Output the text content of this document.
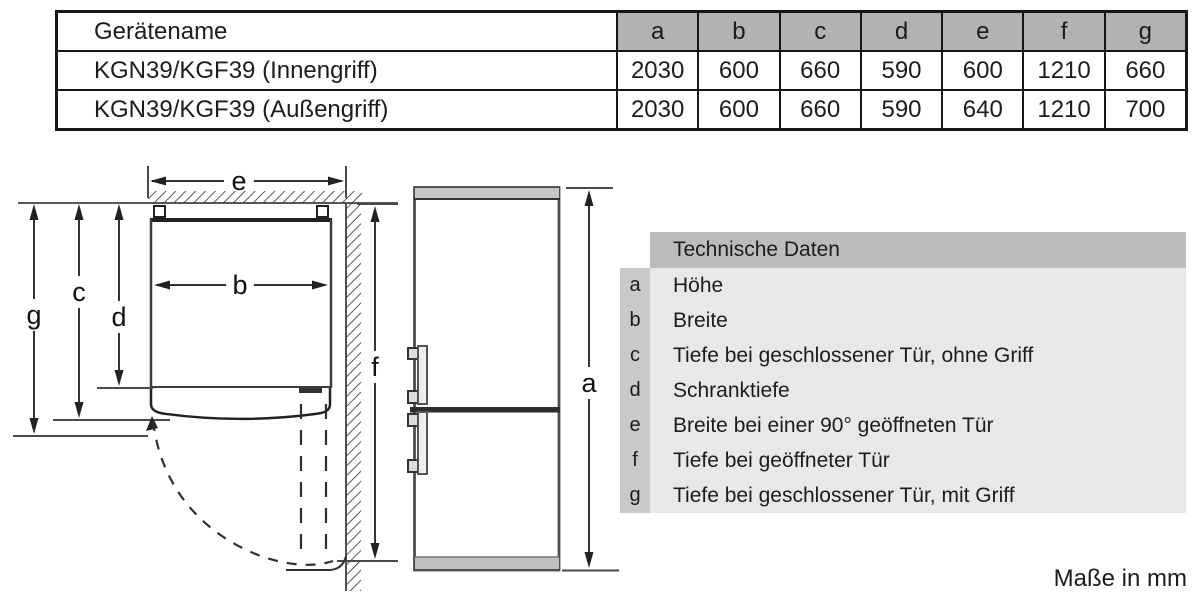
Gerätename	a	b	c	d	e	f	g
KGN39/KGF39 (Innengriff)	2030	600	660	590	600	1210	660
KGN39/KGF39 (Außengriff)	2030	600	660	590	640	1210	700
e
b
g
c
d
f
a
Technische Daten
a	Höhe
b	Breite
c	Tiefe bei geschlossener Tür, ohne Griff
d	Schranktiefe
e	Breite bei einer 90° geöffneten Tür
f	Tiefe bei geöffneter Tür
g	Tiefe bei geschlossener Tür, mit Griff
Maße in mm
